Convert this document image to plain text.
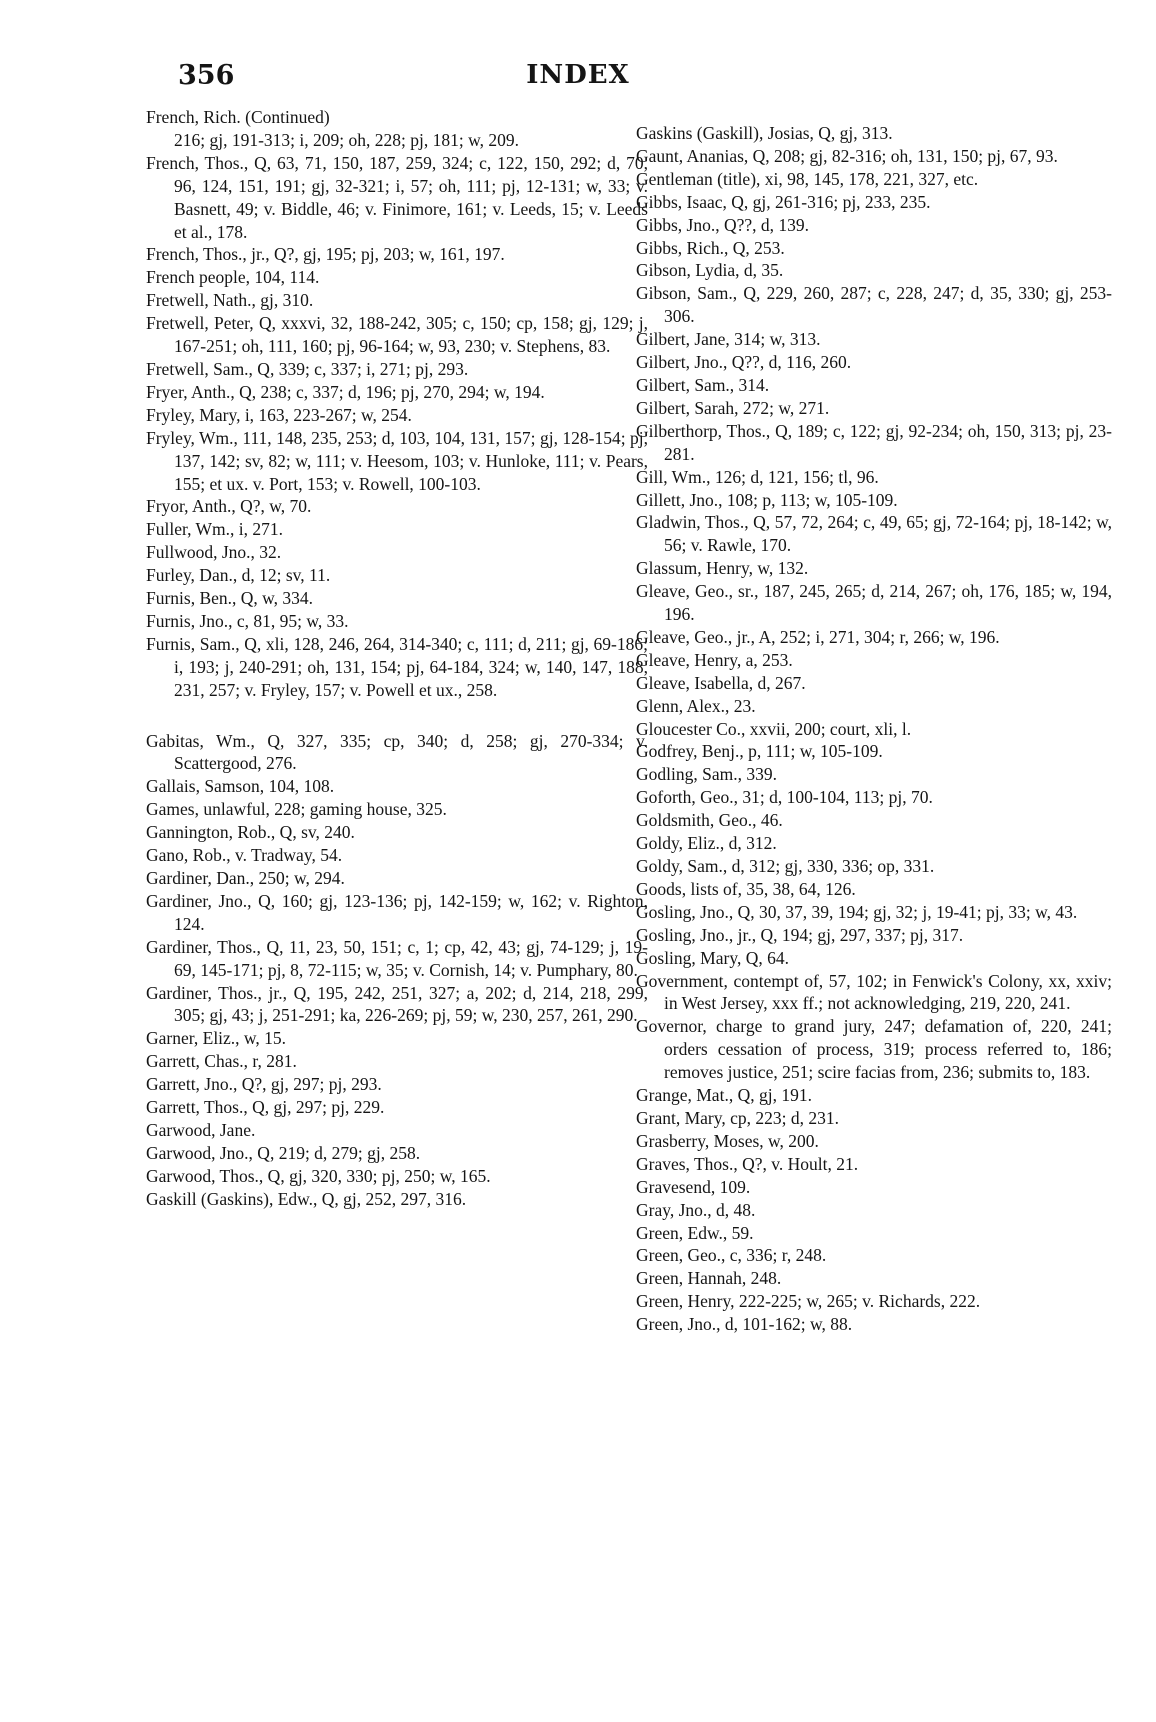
356	INDEX

French, Rich. (Continued)

216; gj, 191-313; i, 209; oh, 228; pj, 181; w, 209.

French, Thos., Q, 63, 71, 150, 187, 259, 324; c, 122, 150, 292; d, 70, 96, 124, 151, 191; gj, 32-321; i, 57; oh, 111; pj, 12-131; w, 33; v. Basnett, 49; v. Biddle, 46; v. Finimore, 161; v. Leeds, 15; v. Leeds et al., 178.

French, Thos., jr., Q?, gj, 195; pj, 203; w, 161, 197.

French people, 104, 114.

Fretwell, Nath., gj, 310.

Fretwell, Peter, Q, xxxvi, 32, 188-242, 305; c, 150; cp, 158; gj, 129; j, 167-251; oh, 111, 160; pj, 96-164; w, 93, 230; v. Stephens, 83.

Fretwell, Sam., Q, 339; c, 337; i, 271; pj, 293.

Fryer, Anth., Q, 238; c, 337; d, 196; pj, 270, 294; w, 194.

Fryley, Mary, i, 163, 223-267; w, 254.

Fryley, Wm., 111, 148, 235, 253; d, 103, 104, 131, 157; gj, 128-154; pj, 137, 142; sv, 82; w, 111; v. Heesom, 103; v. Hunloke, 111; v. Pears, 155; et ux. v. Port, 153; v. Rowell, 100-103.

Fryor, Anth., Q?, w, 70.

Fuller, Wm., i, 271.

Fullwood, Jno., 32.

Furley, Dan., d, 12; sv, 11.

Furnis, Ben., Q, w, 334.

Furnis, Jno., c, 81, 95; w, 33.

Furnis, Sam., Q, xli, 128, 246, 264, 314-340; c, 111; d, 211; gj, 69-186; i, 193; j, 240-291; oh, 131, 154; pj, 64-184, 324; w, 140, 147, 188, 231, 257; v. Fryley, 157; v. Powell et ux., 258.

Gabitas, Wm., Q, 327, 335; cp, 340; d, 258; gj, 270-334; v. Scattergood, 276.

Gallais, Samson, 104, 108.

Games, unlawful, 228; gaming house, 325.

Gannington, Rob., Q, sv, 240.

Gano, Rob., v. Tradway, 54.

Gardiner, Dan., 250; w, 294.

Gardiner, Jno., Q, 160; gj, 123-136; pj, 142-159; w, 162; v. Righton, 124.

Gardiner, Thos., Q, 11, 23, 50, 151; c, 1; cp, 42, 43; gj, 74-129; j, 19-69, 145-171; pj, 8, 72-115; w, 35; v. Cornish, 14; v. Pumphary, 80.

Gardiner, Thos., jr., Q, 195, 242, 251, 327; a, 202; d, 214, 218, 299, 305; gj, 43; j, 251-291; ka, 226-269; pj, 59; w, 230, 257, 261, 290.

Garner, Eliz., w, 15.

Garrett, Chas., r, 281.

Garrett, Jno., Q?, gj, 297; pj, 293.

Garrett, Thos., Q, gj, 297; pj, 229.

Garwood, Jane.

Garwood, Jno., Q, 219; d, 279; gj, 258.

Garwood, Thos., Q, gj, 320, 330; pj, 250; w, 165.

Gaskill (Gaskins), Edw., Q, gj, 252, 297, 316.

Gaskins (Gaskill), Josias, Q, gj, 313.

Gaunt, Ananias, Q, 208; gj, 82-316; oh, 131, 150; pj, 67, 93.

Gentleman (title), xi, 98, 145, 178, 221, 327, etc.

Gibbs, Isaac, Q, gj, 261-316; pj, 233, 235.

Gibbs, Jno., Q??, d, 139.

Gibbs, Rich., Q, 253.

Gibson, Lydia, d, 35.

Gibson, Sam., Q, 229, 260, 287; c, 228, 247; d, 35, 330; gj, 253-306.

Gilbert, Jane, 314; w, 313.

Gilbert, Jno., Q??, d, 116, 260.

Gilbert, Sam., 314.

Gilbert, Sarah, 272; w, 271.

Gilberthorp, Thos., Q, 189; c, 122; gj, 92-234; oh, 150, 313; pj, 23-281.

Gill, Wm., 126; d, 121, 156; tl, 96.

Gillett, Jno., 108; p, 113; w, 105-109.

Gladwin, Thos., Q, 57, 72, 264; c, 49, 65; gj, 72-164; pj, 18-142; w, 56; v. Rawle, 170.

Glassum, Henry, w, 132.

Gleave, Geo., sr., 187, 245, 265; d, 214, 267; oh, 176, 185; w, 194, 196.

Gleave, Geo., jr., A, 252; i, 271, 304; r, 266; w, 196.

Gleave, Henry, a, 253.

Gleave, Isabella, d, 267.

Glenn, Alex., 23.

Gloucester Co., xxvii, 200; court, xli, l.

Godfrey, Benj., p, 111; w, 105-109.

Godling, Sam., 339.

Goforth, Geo., 31; d, 100-104, 113; pj, 70.

Goldsmith, Geo., 46.

Goldy, Eliz., d, 312.

Goldy, Sam., d, 312; gj, 330, 336; op, 331.

Goods, lists of, 35, 38, 64, 126.

Gosling, Jno., Q, 30, 37, 39, 194; gj, 32; j, 19-41; pj, 33; w, 43.

Gosling, Jno., jr., Q, 194; gj, 297, 337; pj, 317.

Gosling, Mary, Q, 64.

Government, contempt of, 57, 102; in Fenwick's Colony, xx, xxiv; in West Jersey, xxx ff.; not acknowledging, 219, 220, 241.

Governor, charge to grand jury, 247; defamation of, 220, 241; orders cessation of process, 319; process referred to, 186; removes justice, 251; scire facias from, 236; submits to, 183.

Grange, Mat., Q, gj, 191.

Grant, Mary, cp, 223; d, 231.

Grasberry, Moses, w, 200.

Graves, Thos., Q?, v. Hoult, 21.

Gravesend, 109.

Gray, Jno., d, 48.

Green, Edw., 59.

Green, Geo., c, 336; r, 248.

Green, Hannah, 248.

Green, Henry, 222-225; w, 265; v. Richards, 222.

Green, Jno., d, 101-162; w, 88.
